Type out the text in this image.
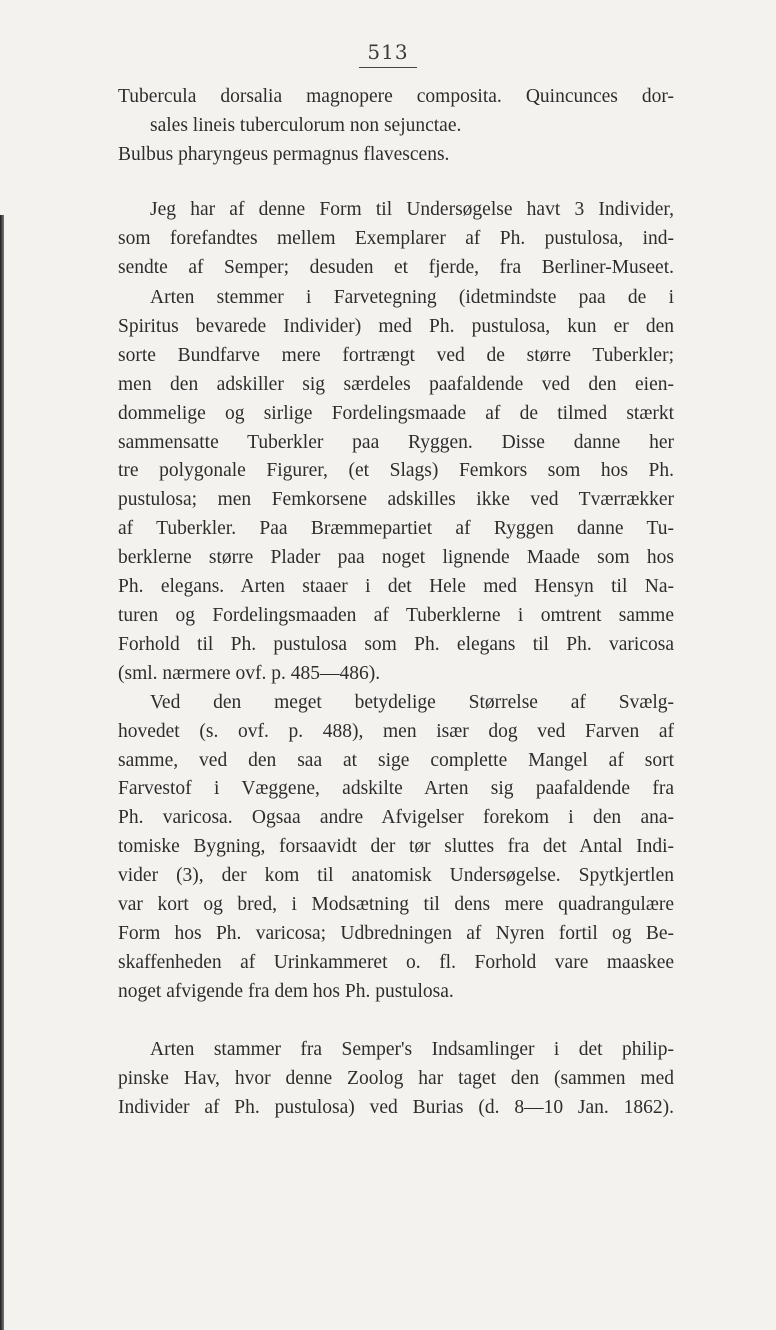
513
Tubercula dorsalia magnopere composita. Quincunces dor-
sales lineis tuberculorum non sejunctae.
Bulbus pharyngeus permagnus flavescens.
Jeg har af denne Form til Undersøgelse havt 3 Individer,
som forefandtes mellem Exemplarer af Ph. pustulosa, ind-
sendte af Semper; desuden et fjerde, fra Berliner-Museet.
Arten stemmer i Farvetegning (idetmindste paa de i
Spiritus bevarede Individer) med Ph. pustulosa, kun er den
sorte Bundfarve mere fortrængt ved de større Tuberkler;
men den adskiller sig særdeles paafaldende ved den eien-
dommelige og sirlige Fordelingsmaade af de tilmed stærkt
sammensatte Tuberkler paa Ryggen. Disse danne her
tre polygonale Figurer, (et Slags) Femkors som hos Ph.
pustulosa; men Femkorsene adskilles ikke ved Tværrækker
af Tuberkler. Paa Bræmmepartiet af Ryggen danne Tu-
berklerne større Plader paa noget lignende Maade som hos
Ph. elegans. Arten staaer i det Hele med Hensyn til Na-
turen og Fordelingsmaaden af Tuberklerne i omtrent samme
Forhold til Ph. pustulosa som Ph. elegans til Ph. varicosa
(sml. nærmere ovf. p. 485—486).
Ved den meget betydelige Størrelse af Svælg-
hovedet (s. ovf. p. 488), men især dog ved Farven af
samme, ved den saa at sige complette Mangel af sort
Farvestof i Væggene, adskilte Arten sig paafaldende fra
Ph. varicosa. Ogsaa andre Afvigelser forekom i den ana-
tomiske Bygning, forsaavidt der tør sluttes fra det Antal Indi-
vider (3), der kom til anatomisk Undersøgelse. Spytkjertlen
var kort og bred, i Modsætning til dens mere quadrangulære
Form hos Ph. varicosa; Udbredningen af Nyren fortil og Be-
skaffenheden af Urinkammeret o. fl. Forhold vare maaskee
noget afvigende fra dem hos Ph. pustulosa.
Arten stammer fra Semper's Indsamlinger i det philip-
pinske Hav, hvor denne Zoolog har taget den (sammen med
Individer af Ph. pustulosa) ved Burias (d. 8—10 Jan. 1862).
